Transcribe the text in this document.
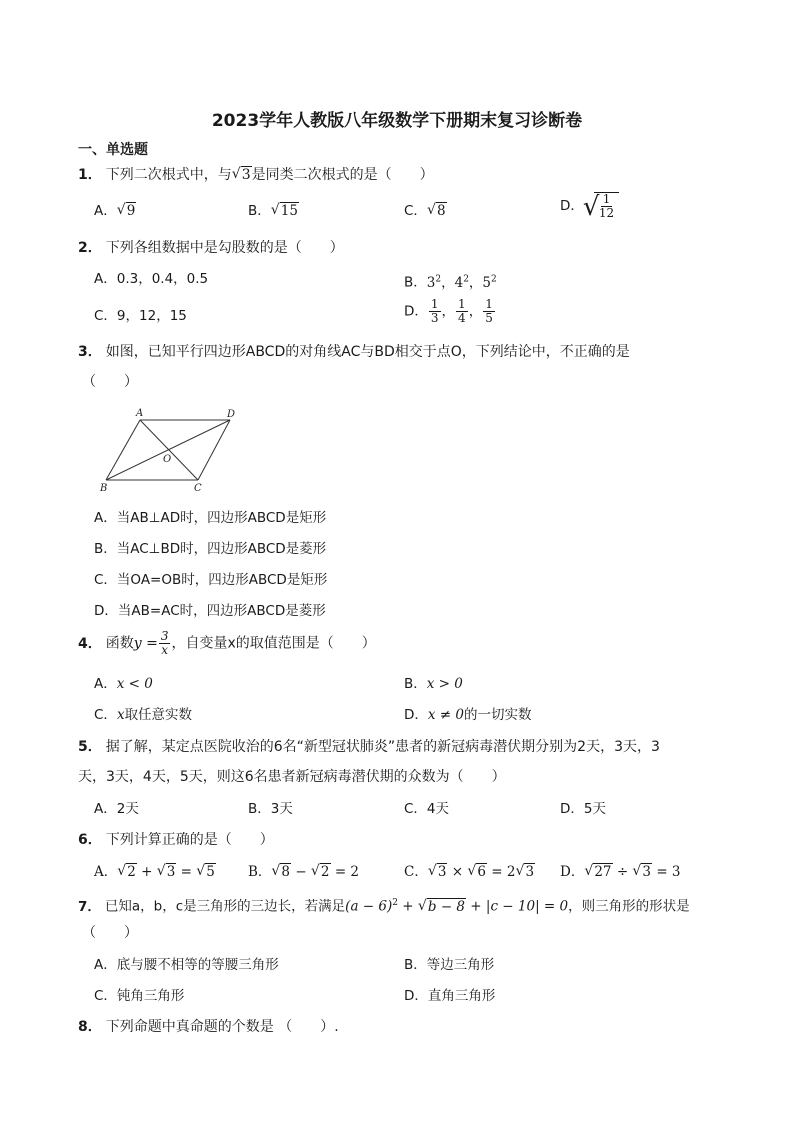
2023学年人教版八年级数学下册期末复习诊断卷
一、单选题
1． 下列二次根式中，与 √ 3是同类二次根式的是（　　）
A． √ 9	B． √ 15	C． √ 8	D． √ $\frac{1}{12}$
2． 下列各组数据中是勾股数的是（　　）
A．0.3，0.4，0.5	B．$3^2$，$4^2$，$5^2$
C．9，12，15	D． $\frac{1}{3}$ ， $\frac{1}{4}$ ， $\frac{1}{5}$
3． 如图，已知平行四边形ABCD的对角线AC与BD相交于点O，下列结论中，不正确的是
（　　）
A	D
B	C
O
A．当AB⊥AD时，四边形ABCD是矩形
B．当AC⊥BD时，四边形ABCD是菱形
C．当OA=OB时，四边形ABCD是矩形
D．当AB=AC时，四边形ABCD是菱形
4． 函数$y = \frac{3}{x}$ ，自变量x的取值范围是（　　）
A．x < 0	B．x > 0
C．x取任意实数	D．x ≠ 0的一切实数
5． 据了解，某定点医院收治的6名“新型冠状肺炎”患者的新冠病毒潜伏期分别为2天，3天，3
天，3天，4天，5天，则这6名患者新冠病毒潜伏期的众数为（　　）
A．2天	B．3天	C．4天	D．5天
6． 下列计算正确的是（　　）
A． √ 2 + √ 3 = √ 5 B． √ 8 − √ 2 = 2	C． √ 3 × √ 6 = 2 √ 3 D． √ 27 ÷ √ 3 = 3
7． 已知a，b，c是三角形的三边长，若满足$(a - 6)^2$ + √ b − 8 + |c − 10| = 0，则三角形的形状是
（　　）
A．底与腰不相等的等腰三角形	B．等边三角形
C．钝角三角形	D．直角三角形
8． 下列命题中真命题的个数是 （　　）.
